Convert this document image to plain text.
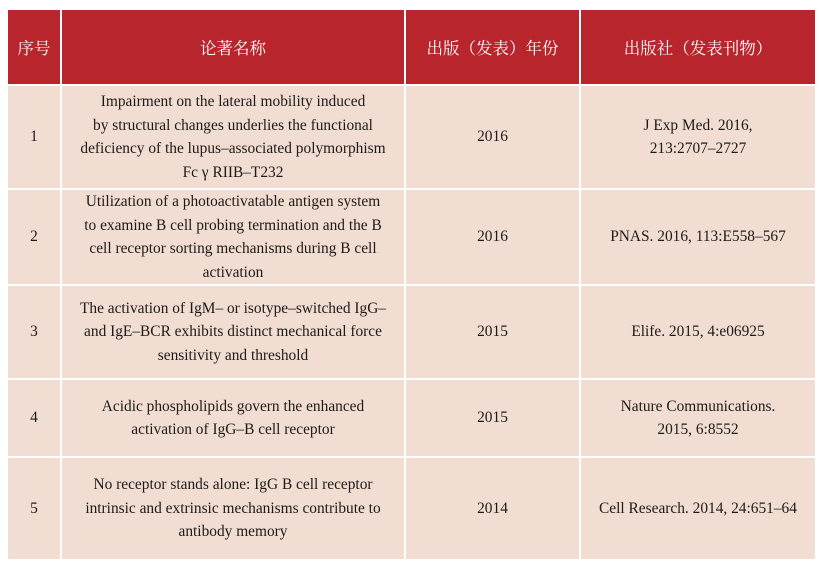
序号	论著名称	出版（发表）年份	出版社（发表刊物）
1	Impairment on the lateral mobility induced
by structural changes underlies the functional
deficiency of the lupus–associated polymorphism
Fc γ RIIB–T232	2016	J Exp Med. 2016,
213:2707–2727

2	Utilization of a photoactivatable antigen system
to examine B cell probing termination and the B
cell receptor sorting mechanisms during B cell
activation	2016	PNAS. 2016, 113:E558–567

3	The activation of IgM– or isotype–switched IgG–
and IgE–BCR exhibits distinct mechanical force
sensitivity and threshold	2015	Elife. 2015, 4:e06925

4	Acidic phospholipids govern the enhanced
activation of IgG–B cell receptor	2015	Nature Communications.
2015, 6:8552

5	No receptor stands alone: IgG B cell receptor
intrinsic and extrinsic mechanisms contribute to
antibody memory	2014	Cell Research. 2014, 24:651–64
